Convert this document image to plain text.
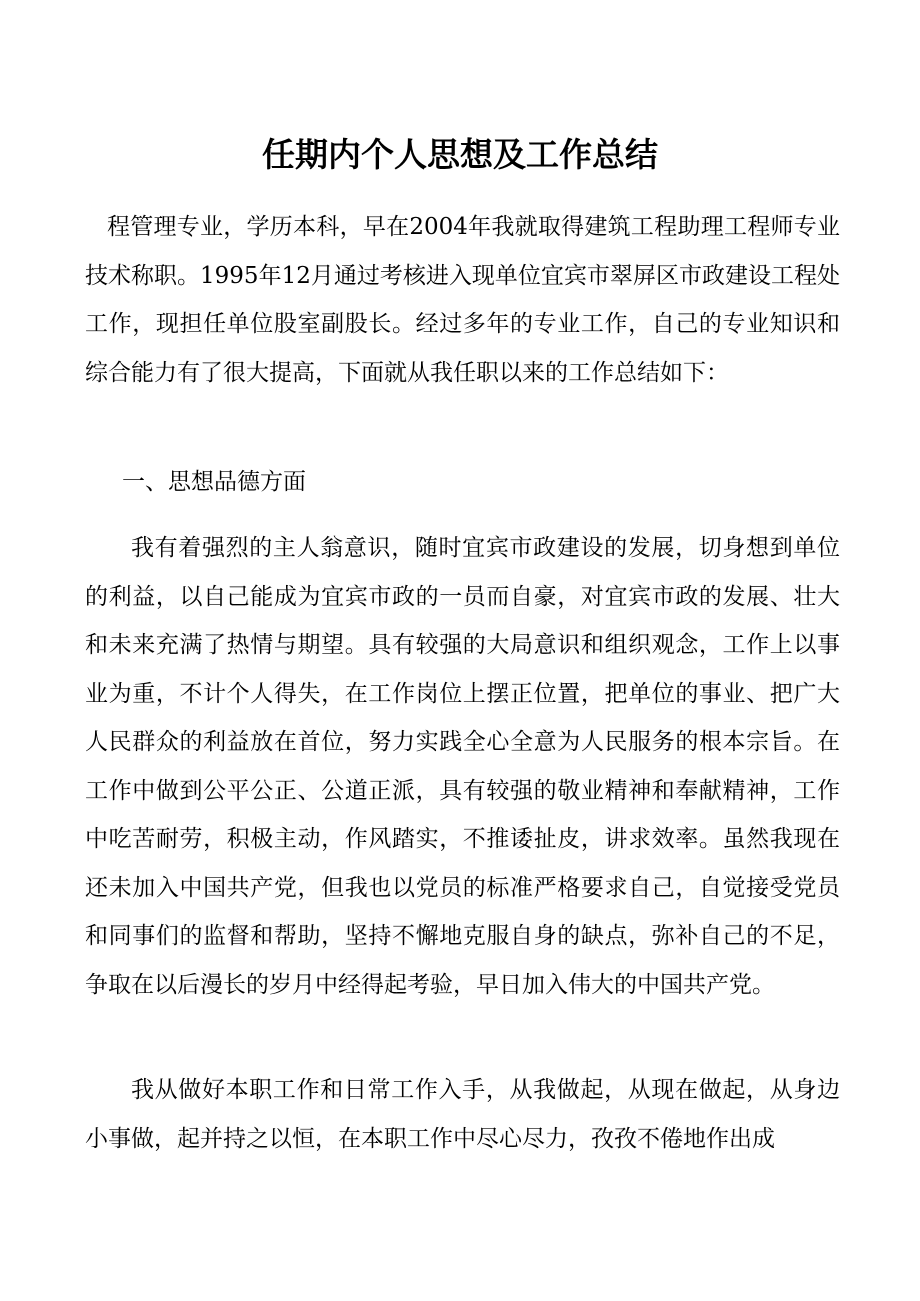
任期内个人思想及工作总结

程管理专业，学历本科，早在2004年我就取得建筑工程助理工程师专业技术称职。1995年12月通过考核进入现单位宜宾市翠屏区市政建设工程处工作，现担任单位股室副股长。经过多年的专业工作，自己的专业知识和综合能力有了很大提高，下面就从我任职以来的工作总结如下：

一、思想品德方面

我有着强烈的主人翁意识，随时宜宾市政建设的发展，切身想到单位的利益，以自己能成为宜宾市政的一员而自豪，对宜宾市政的发展、壮大和未来充满了热情与期望。具有较强的大局意识和组织观念，工作上以事业为重，不计个人得失，在工作岗位上摆正位置，把单位的事业、把广大人民群众的利益放在首位，努力实践全心全意为人民服务的根本宗旨。在工作中做到公平公正、公道正派，具有较强的敬业精神和奉献精神，工作中吃苦耐劳，积极主动，作风踏实，不推诿扯皮，讲求效率。虽然我现在还未加入中国共产党，但我也以党员的标准严格要求自己，自觉接受党员和同事们的监督和帮助，坚持不懈地克服自身的缺点，弥补自己的不足，争取在以后漫长的岁月中经得起考验，早日加入伟大的中国共产党。

我从做好本职工作和日常工作入手，从我做起，从现在做起，从身边小事做，起并持之以恒，在本职工作中尽心尽力，孜孜不倦地作出成
